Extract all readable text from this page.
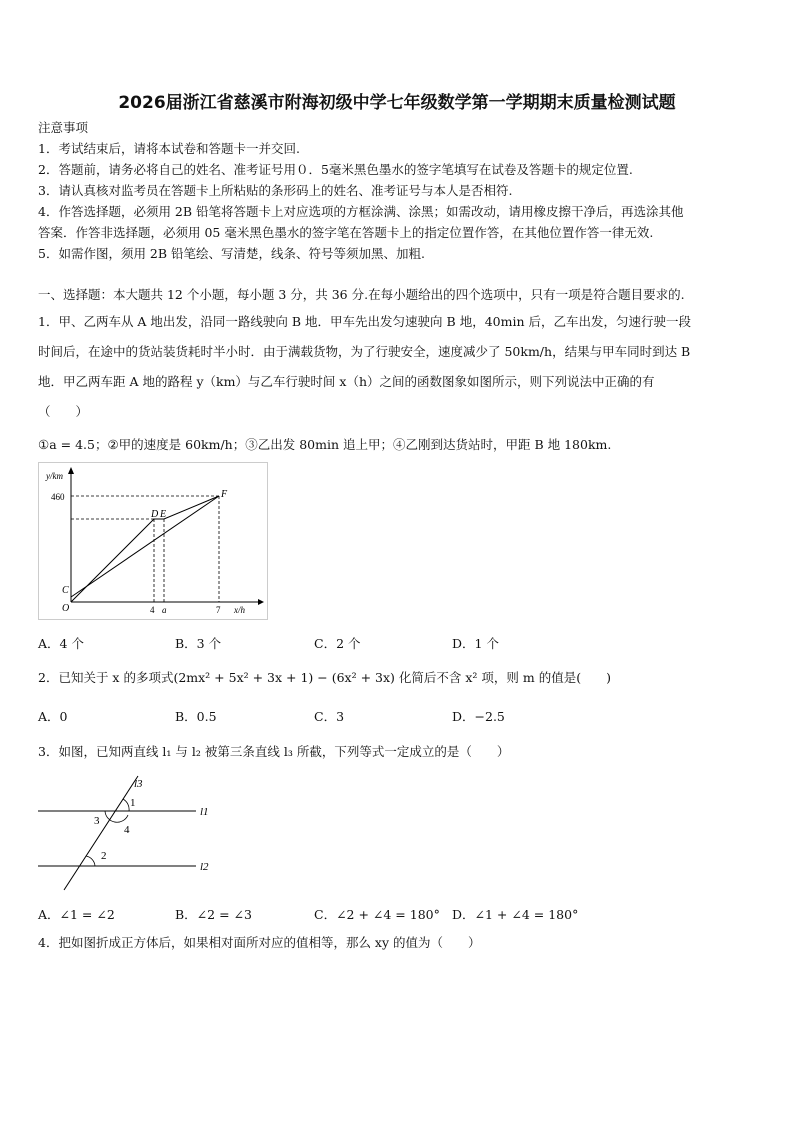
2026届浙江省慈溪市附海初级中学七年级数学第一学期期末质量检测试题
注意事项
1．考试结束后，请将本试卷和答题卡一并交回.
2．答题前，请务必将自己的姓名、准考证号用０．5毫米黑色墨水的签字笔填写在试卷及答题卡的规定位置.
3．请认真核对监考员在答题卡上所粘贴的条形码上的姓名、准考证号与本人是否相符.
4．作答选择题，必须用 2B 铅笔将答题卡上对应选项的方框涂满、涂黑；如需改动，请用橡皮擦干净后，再选涂其他
答案．作答非选择题，必须用 05 毫米黑色墨水的签字笔在答题卡上的指定位置作答，在其他位置作答一律无效.
5．如需作图，须用 2B 铅笔绘、写清楚，线条、符号等须加黑、加粗.
一、选择题：本大题共 12 个小题，每小题 3 分，共 36 分.在每小题给出的四个选项中，只有一项是符合题目要求的.
1．甲、乙两车从 A 地出发，沿同一路线驶向 B 地．甲车先出发匀速驶向 B 地，40min 后，乙车出发，匀速行驶一段
时间后，在途中的货站装货耗时半小时．由于满载货物，为了行驶安全，速度减少了 50km/h，结果与甲车同时到达 B
地．甲乙两车距 A 地的路程 y（km）与乙车行驶时间 x（h）之间的函数图象如图所示，则下列说法中正确的有
（　　）
①a = 4.5；②甲的速度是 60km/h；③乙出发 80min 追上甲；④乙刚到达货站时，甲距 B 地 180km.
y/km
460
C
O
D E
F
4 a	7 x/h
A．4 个	B．3 个	C．2 个	D．1 个
2．已知关于 x 的多项式(2mx² + 5x² + 3x + 1) − (6x² + 3x) 化简后不含 x² 项，则 m 的值是(　　)
A．0	B．0.5	C．3	D．−2.5
3．如图，已知两直线 l₁ 与 l₂ 被第三条直线 l₃ 所截，下列等式一定成立的是（　　）
l3
l1
l2
1
2
3
4
A．∠1 = ∠2	B．∠2 = ∠3	C．∠2 + ∠4 = 180° D．∠1 + ∠4 = 180°
4．把如图折成正方体后，如果相对面所对应的值相等，那么 xy 的值为（　　）
